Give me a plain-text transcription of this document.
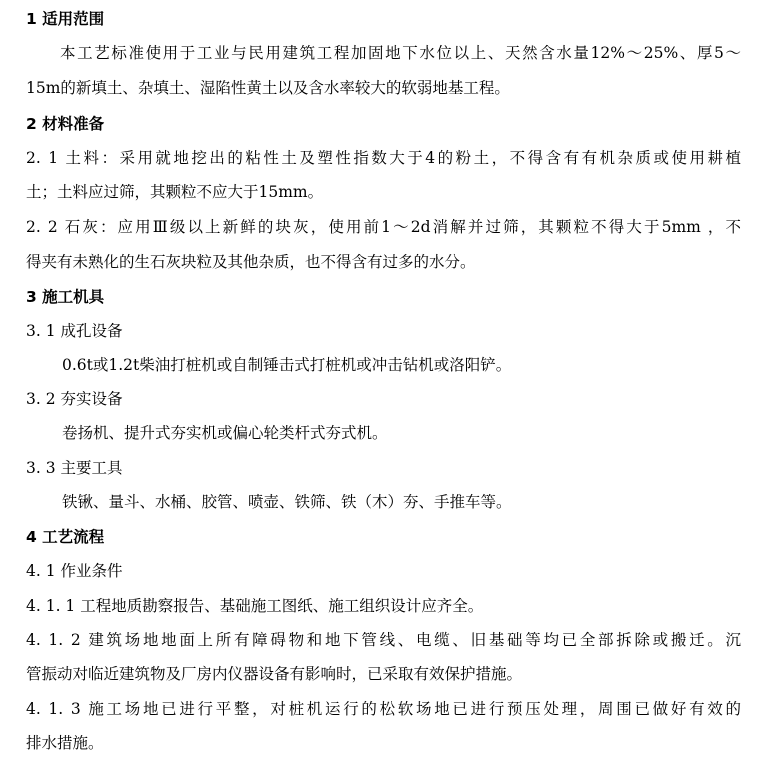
1 适用范围
本工艺标准使用于工业与民用建筑工程加固地下水位以上、天然含水量12%～25%、厚5～
15m的新填土、杂填土、湿陷性黄土以及含水率较大的软弱地基工程。
2 材料准备
2. 1 土料：采用就地挖出的粘性土及塑性指数大于4的粉土，不得含有有机杂质或使用耕植
土；土料应过筛，其颗粒不应大于15mm。
2. 2 石灰：应用Ⅲ级以上新鲜的块灰，使用前1～2d消解并过筛，其颗粒不得大于5mm ，不
得夹有未熟化的生石灰块粒及其他杂质，也不得含有过多的水分。
3 施工机具
3. 1 成孔设备
0.6t或1.2t柴油打桩机或自制锤击式打桩机或冲击钻机或洛阳铲。
3. 2 夯实设备
卷扬机、提升式夯实机或偏心轮类杆式夯式机。
3. 3 主要工具
铁锹、量斗、水桶、胶管、喷壶、铁筛、铁（木）夯、手推车等。
4 工艺流程
4. 1 作业条件
4. 1. 1 工程地质勘察报告、基础施工图纸、施工组织设计应齐全。
4. 1. 2 建筑场地地面上所有障碍物和地下管线、电缆、旧基础等均已全部拆除或搬迁。沉
管振动对临近建筑物及厂房内仪器设备有影响时，已采取有效保护措施。
4. 1. 3 施工场地已进行平整，对桩机运行的松软场地已进行预压处理，周围已做好有效的
排水措施。
